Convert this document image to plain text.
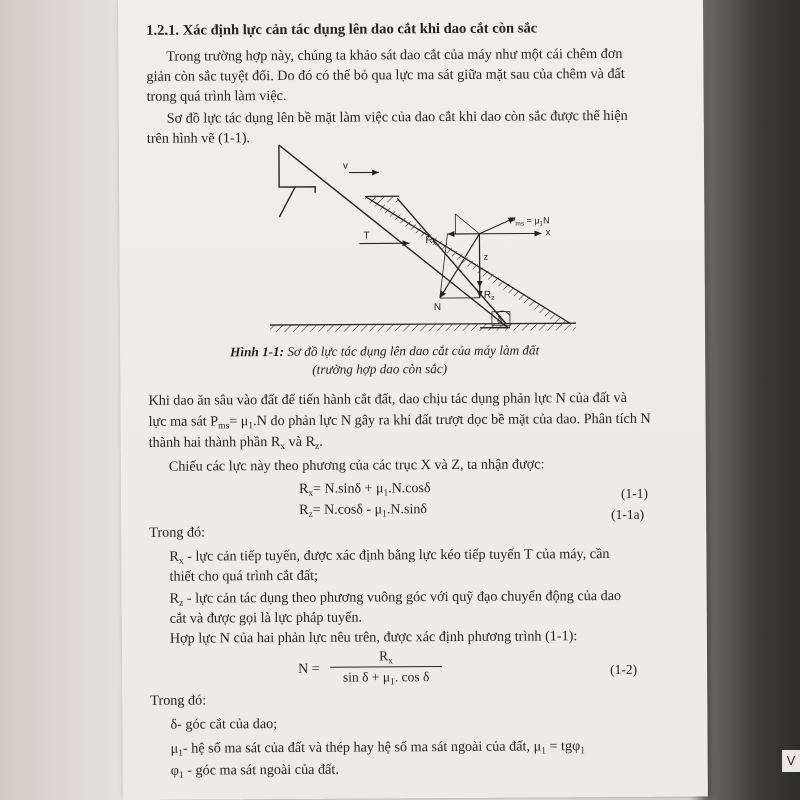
1.2.1. Xác định lực cản tác dụng lên dao cắt khi dao cắt còn sắc
Trong trường hợp này, chúng ta khảo sát dao cắt của máy như một cái chêm đơn
giản còn sắc tuyệt đối. Do đó có thể bỏ qua lực ma sát giữa mặt sau của chêm và đất
trong quá trình làm việc.
Sơ đồ lực tác dụng lên bề mặt làm việc của dao cắt khi dao còn sắc được thể hiện
trên hình vẽ (1-1).
v
T	x
z
$R_x$
$R_z$
N
$P_{ms} = \mu_1N$
δ
Hình 1-1: Sơ đồ lực tác dụng lên dao cắt của máy làm đất
(trường hợp dao còn sắc)
Khi dao ăn sâu vào đất để tiến hành cắt đất, dao chịu tác dụng phản lực N của đất và
lực ma sát $P_{ms}= \mu_1.N$ do phản lực N gây ra khi đất trượt dọc bề mặt của dao. Phân tích N
thành hai thành phần $R_x$ và $R_z$.
Chiếu các lực này theo phương của các trục X và Z, ta nhận được:
$R_x= N.\sin\delta + \mu_1.N.\cos\delta$	(1-1)
$R_z= N.\cos\delta - \mu_1.N.\sin\delta$	(1-1a)
Trong đó:
$R_x$ - lực cản tiếp tuyến, được xác định bằng lực kéo tiếp tuyến T của máy, cần
thiết cho quá trình cắt đất;
$R_z$ - lực cản tác dụng theo phương vuông góc với quỹ đạo chuyển động của dao
cắt và được gọi là lực pháp tuyến.
Hợp lực N của hai phản lực nêu trên, được xác định phương trình (1-1):
N =
$R_x$
$\sin \delta + \mu_1$. cos δ	(1-2)
Trong đó:
δ- góc cắt của dao;
$\mu_1-$ hệ số ma sát của đất và thép hay hệ số ma sát ngoài của đất, $\mu_1 = tg\varphi_1$
$\varphi_1$ - góc ma sát ngoài của đất.
V
